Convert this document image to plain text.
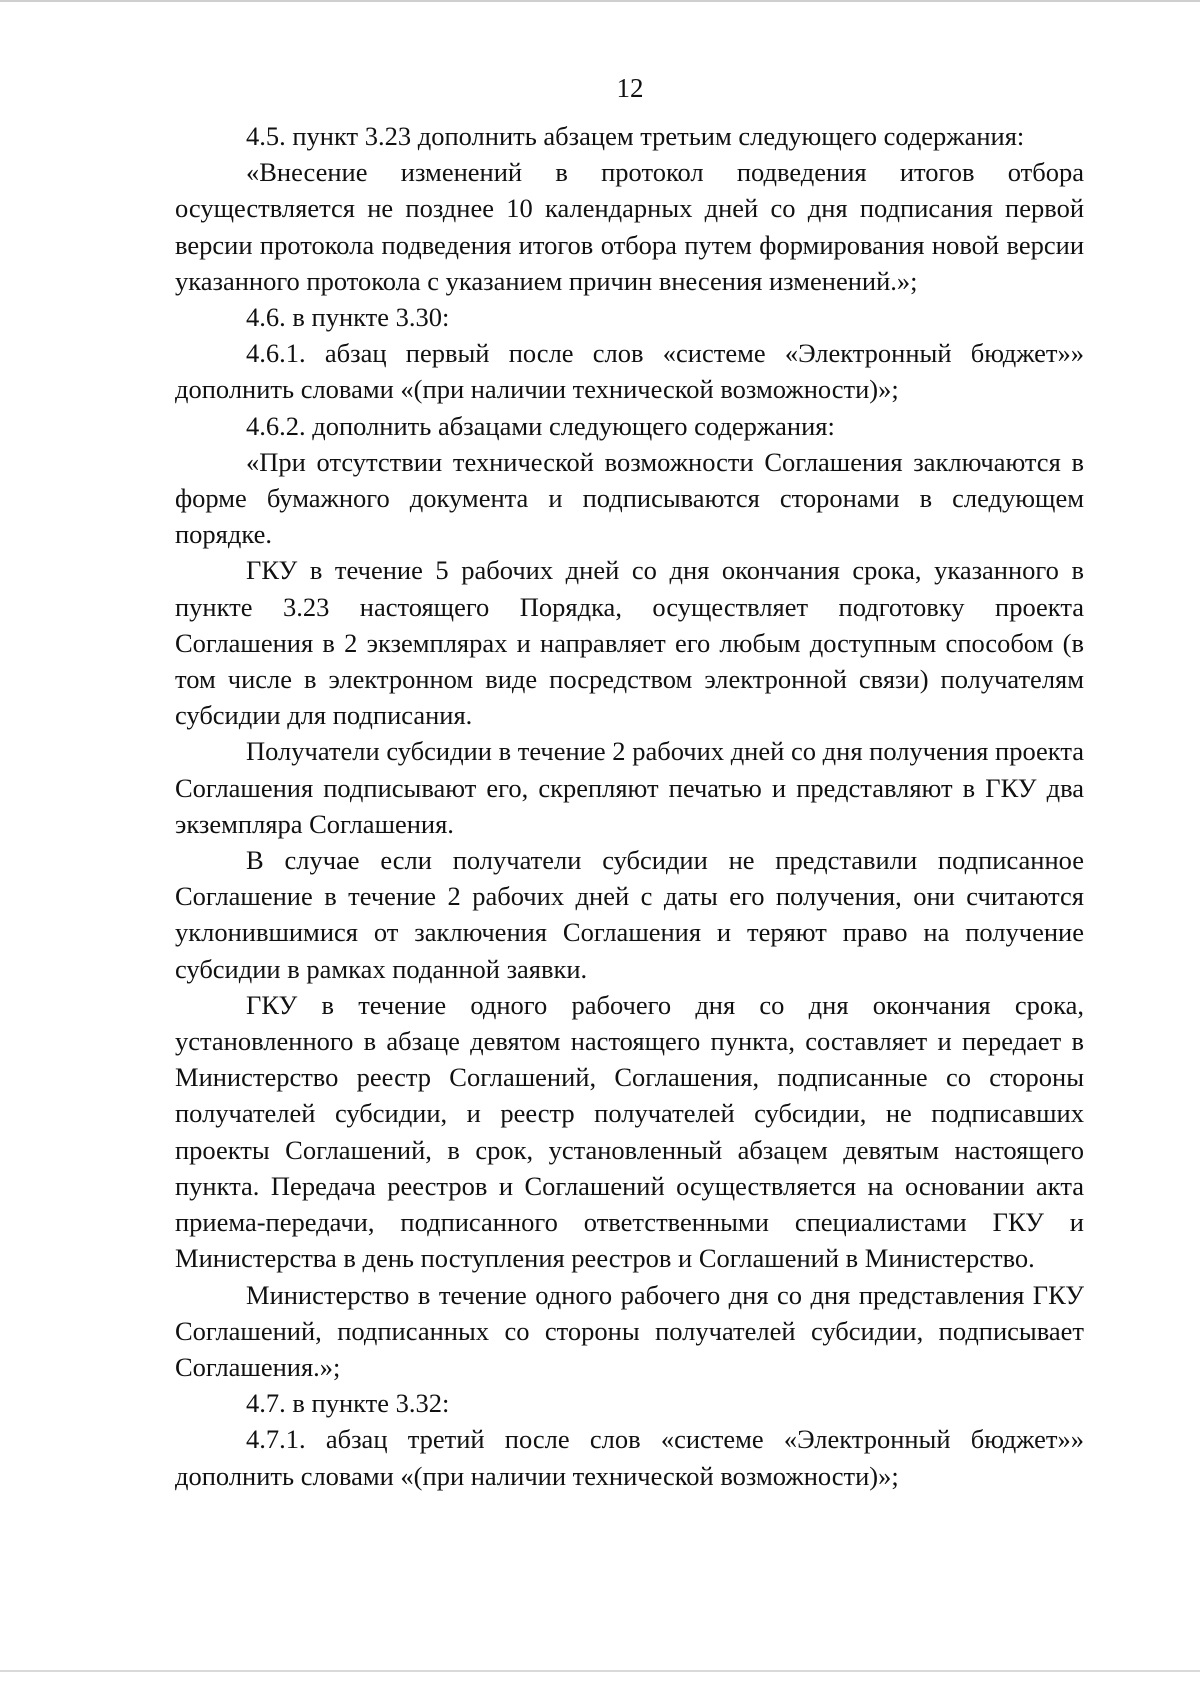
12

4.5. пункт 3.23 дополнить абзацем третьим следующего содержания:

«Внесение изменений в протокол подведения итогов отбора осуществляется не позднее 10 календарных дней со дня подписания первой версии протокола подведения итогов отбора путем формирования новой версии указанного протокола с указанием причин внесения изменений.»;

4.6. в пункте 3.30:

4.6.1. абзац первый после слов «системе «Электронный бюджет»» дополнить словами «(при наличии технической возможности)»;

4.6.2. дополнить абзацами следующего содержания:

«При отсутствии технической возможности Соглашения заключаются в форме бумажного документа и подписываются сторонами в следующем порядке.

ГКУ в течение 5 рабочих дней со дня окончания срока, указанного в пункте 3.23 настоящего Порядка, осуществляет подготовку проекта Соглашения в 2 экземплярах и направляет его любым доступным способом (в том числе в электронном виде посредством электронной связи) получателям субсидии для подписания.

Получатели субсидии в течение 2 рабочих дней со дня получения проекта Соглашения подписывают его, скрепляют печатью и представляют в ГКУ два экземпляра Соглашения.

В случае если получатели субсидии не представили подписанное Соглашение в течение 2 рабочих дней с даты его получения, они считаются уклонившимися от заключения Соглашения и теряют право на получение субсидии в рамках поданной заявки.

ГКУ в течение одного рабочего дня со дня окончания срока, установленного в абзаце девятом настоящего пункта, составляет и передает в Министерство реестр Соглашений, Соглашения, подписанные со стороны получателей субсидии, и реестр получателей субсидии, не подписавших проекты Соглашений, в срок, установленный абзацем девятым настоящего пункта. Передача реестров и Соглашений осуществляется на основании акта приема-передачи, подписанного ответственными специалистами ГКУ и Министерства в день поступления реестров и Соглашений в Министерство.

Министерство в течение одного рабочего дня со дня представления ГКУ Соглашений, подписанных со стороны получателей субсидии, подписывает Соглашения.»;

4.7. в пункте 3.32:

4.7.1. абзац третий после слов «системе «Электронный бюджет»» дополнить словами «(при наличии технической возможности)»;
